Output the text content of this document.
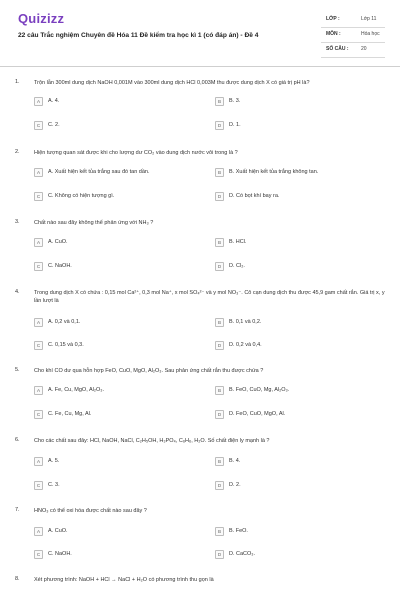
Quizizz
22 câu Trắc nghiệm Chuyên đề Hóa 11 Đề kiểm tra học kì 1 (có đáp án) - Đề 4
LỚP :	Lớp 11
MÔN :	Hóa học
SỐ CÂU :	20
1.	Trộn lẫn 300ml dung dịch NaOH 0,001M vào 300ml dung dịch HCl 0,003M thu được dung dịch X có giá trị pH là?
A	A. 4.	B	B. 3.
C	C. 2.	D	D. 1.
2.	Hiện tượng quan sát được khi cho lượng dư CO₂ vào dung dịch nước vôi trong là ?
A	A. Xuất hiện kết tủa trắng sau đó tan dần.	B	B. Xuất hiện kết tủa trắng không tan.
C	C. Không có hiện tượng gì.	D	D. Có bọt khí bay ra.
3.	Chất nào sau đây không thể phản ứng với NH₃ ?
A	A. CuO.	B	B. HCl.
C	C. NaOH.	D	D. Cl₂.
4.	Trong dung dịch X có chứa : 0,15 mol Ca²⁺, 0,3 mol Na⁺, x mol SO₄²⁻ và y mol NO₃⁻. Cô cạn dung dịch thu được 45,9 gam chất rắn. Giá trị x, y lần lượt là
A	A. 0,2 và 0,1.	B	B. 0,1 và 0,2.
C	C. 0,15 và 0,3.	D	D. 0,2 và 0,4.
5.	Cho khí CO dư qua hỗn hợp FeO, CuO, MgO, Al₂O₃. Sau phản ứng chất rắn thu được chứa ?
A	A. Fe, Cu, MgO, Al₂O₃.	B	B. FeO, CuO, Mg, Al₂O₃.
C	C. Fe, Cu, Mg, Al.	D	D. FeO, CuO, MgO, Al.
6.	Cho các chất sau đây: HCl, NaOH, NaCl, C₂H₅OH, H₃PO₄, C₆H₆, H₂O. Số chất điện ly mạnh là ?
A	A. 5.	B	B. 4.
C	C. 3.	D	D. 2.
7.	HNO₃ có thể oxi hóa được chất nào sau đây ?
A	A. CuO.	B	B. FeO.
C	C. NaOH.	D	D. CaCO₃.
8.	Xét phương trình: NaOH + HCl → NaCl + H₂O có phương trình thu gọn là
